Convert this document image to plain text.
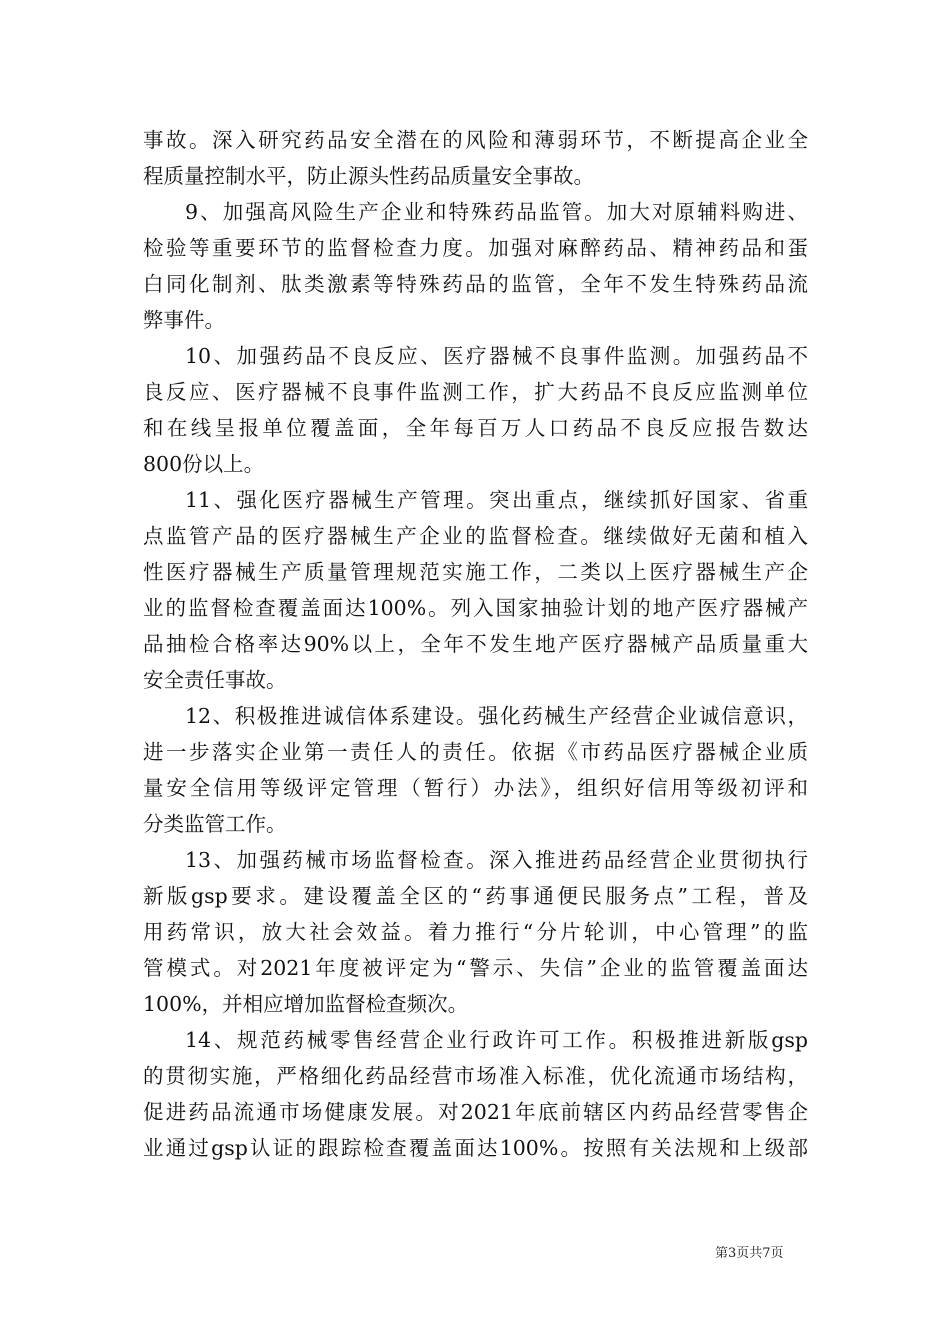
事故。深入研究药品安全潜在的风险和薄弱环节，不断提高企业全
程质量控制水平，防止源头性药品质量安全事故。
9、加强高风险生产企业和特殊药品监管。加大对原辅料购进、
检验等重要环节的监督检查力度。加强对麻醉药品、精神药品和蛋
白同化制剂、肽类激素等特殊药品的监管，全年不发生特殊药品流
弊事件。
10、加强药品不良反应、医疗器械不良事件监测。加强药品不
良反应、医疗器械不良事件监测工作，扩大药品不良反应监测单位
和在线呈报单位覆盖面，全年每百万人口药品不良反应报告数达
800份以上。
11、强化医疗器械生产管理。突出重点，继续抓好国家、省重
点监管产品的医疗器械生产企业的监督检查。继续做好无菌和植入
性医疗器械生产质量管理规范实施工作，二类以上医疗器械生产企
业的监督检查覆盖面达100%。列入国家抽验计划的地产医疗器械产
品抽检合格率达90%以上，全年不发生地产医疗器械产品质量重大
安全责任事故。
12、积极推进诚信体系建设。强化药械生产经营企业诚信意识，
进一步落实企业第一责任人的责任。依据《市药品医疗器械企业质
量安全信用等级评定管理（暂行）办法》，组织好信用等级初评和
分类监管工作。
13、加强药械市场监督检查。深入推进药品经营企业贯彻执行
新版gsp要求。建设覆盖全区的“药事通便民服务点”工程，普及
用药常识，放大社会效益。着力推行“分片轮训，中心管理”的监
管模式。对2021年度被评定为“警示、失信”企业的监管覆盖面达
100%，并相应增加监督检查频次。
14、规范药械零售经营企业行政许可工作。积极推进新版gsp
的贯彻实施，严格细化药品经营市场准入标准，优化流通市场结构，
促进药品流通市场健康发展。对2021年底前辖区内药品经营零售企
业通过gsp认证的跟踪检查覆盖面达100%。按照有关法规和上级部
第3页共7页
